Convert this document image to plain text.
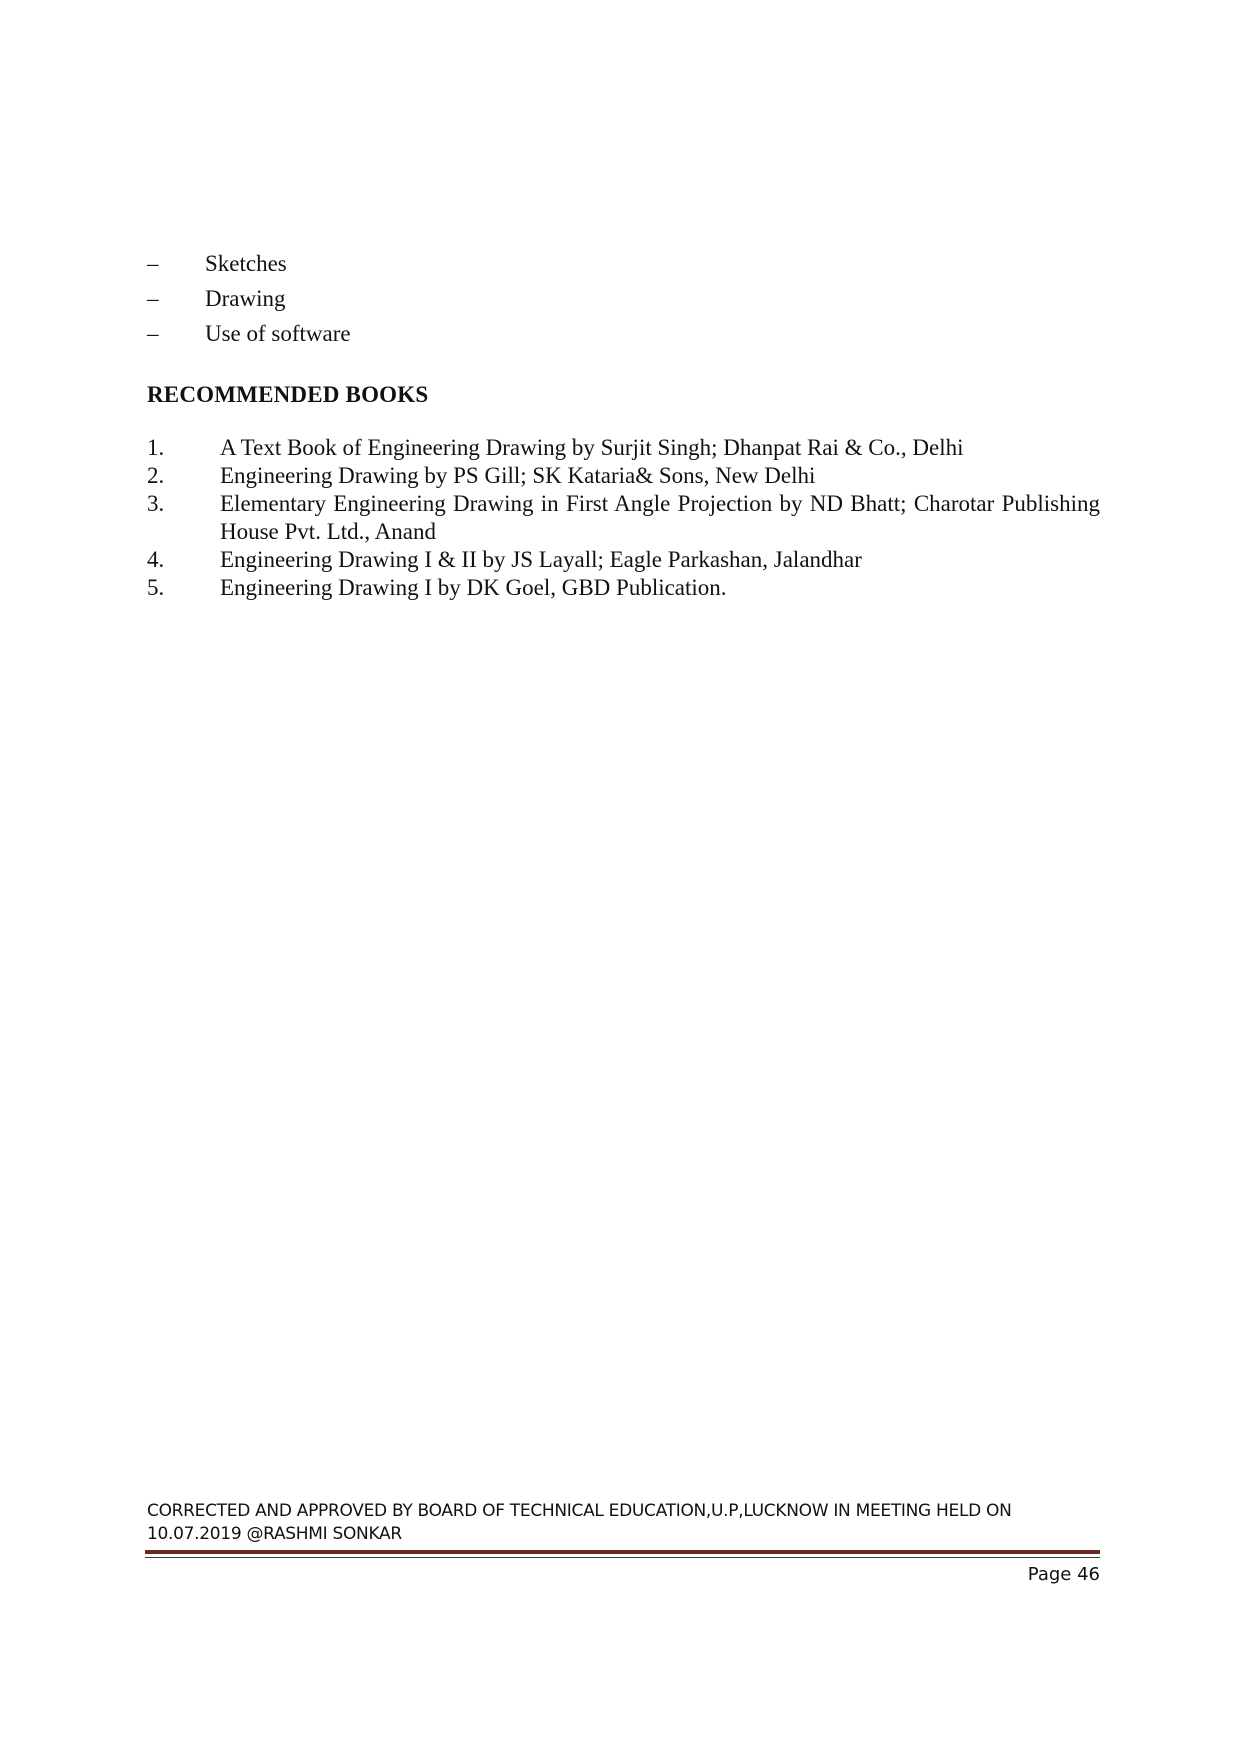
– Sketches
– Drawing
– Use of software
RECOMMENDED BOOKS
1. A Text Book of Engineering Drawing by Surjit Singh; Dhanpat Rai & Co., Delhi
2. Engineering Drawing by PS Gill; SK Kataria& Sons, New Delhi
3. Elementary Engineering Drawing in First Angle Projection by ND Bhatt; Charotar Publishing House Pvt. Ltd., Anand
4. Engineering Drawing I & II by JS Layall; Eagle Parkashan, Jalandhar
5. Engineering Drawing I by DK Goel, GBD Publication.

CORRECTED AND APPROVED BY BOARD OF TECHNICAL EDUCATION,U.P,LUCKNOW IN MEETING HELD ON 10.07.2019 @RASHMI SONKAR

Page 46
